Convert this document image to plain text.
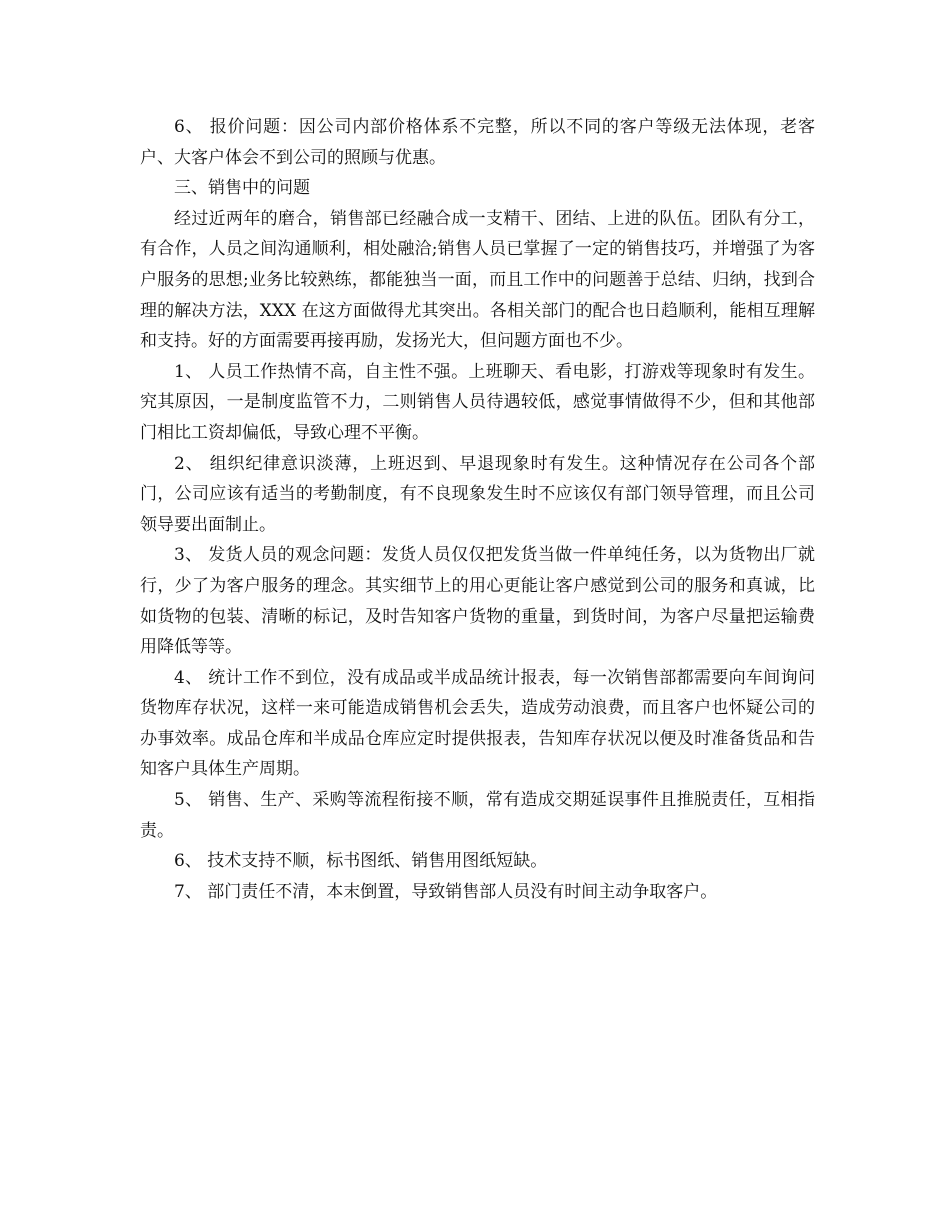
6、 报价问题：因公司内部价格体系不完整，所以不同的客户等级无法体现，老客户、大客户体会不到公司的照顾与优惠。

三、销售中的问题

经过近两年的磨合，销售部已经融合成一支精干、团结、上进的队伍。团队有分工，有合作，人员之间沟通顺利，相处融洽;销售人员已掌握了一定的销售技巧，并增强了为客户服务的思想;业务比较熟练，都能独当一面，而且工作中的问题善于总结、归纳，找到合理的解决方法，XXX 在这方面做得尤其突出。各相关部门的配合也日趋顺利，能相互理解和支持。好的方面需要再接再励，发扬光大，但问题方面也不少。

1、 人员工作热情不高，自主性不强。上班聊天、看电影，打游戏等现象时有发生。究其原因，一是制度监管不力，二则销售人员待遇较低，感觉事情做得不少，但和其他部门相比工资却偏低，导致心理不平衡。

2、 组织纪律意识淡薄，上班迟到、早退现象时有发生。这种情况存在公司各个部门，公司应该有适当的考勤制度，有不良现象发生时不应该仅有部门领导管理，而且公司领导要出面制止。

3、 发货人员的观念问题：发货人员仅仅把发货当做一件单纯任务，以为货物出厂就行，少了为客户服务的理念。其实细节上的用心更能让客户感觉到公司的服务和真诚，比如货物的包装、清晰的标记，及时告知客户货物的重量，到货时间，为客户尽量把运输费用降低等等。

4、 统计工作不到位，没有成品或半成品统计报表，每一次销售部都需要向车间询问货物库存状况，这样一来可能造成销售机会丢失，造成劳动浪费，而且客户也怀疑公司的办事效率。成品仓库和半成品仓库应定时提供报表，告知库存状况以便及时准备货品和告知客户具体生产周期。

5、 销售、生产、采购等流程衔接不顺，常有造成交期延误事件且推脱责任，互相指责。

6、 技术支持不顺，标书图纸、销售用图纸短缺。

7、 部门责任不清，本末倒置，导致销售部人员没有时间主动争取客户。
